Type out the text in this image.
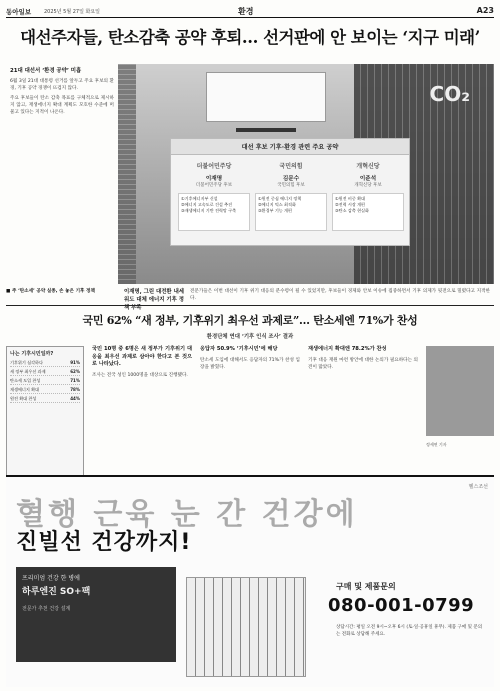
동아일보	2025년 5월 27일 화요일	환경	A23
대선주자들, 탄소감축 공약 후퇴… 선거판에 안 보이는 ‘지구 미래’
CO₂
21대 대선서 ‘환경 공약’ 미흡

6월 3일 21대 대통령 선거를 앞두고 주요 후보의 환경, 기후 공약 경쟁이 뜨겁지 않다.

주요 후보들이 탄소 감축 목표를 구체적으로 제시하지 않고, 재생에너지 확대 계획도 모호한 수준에 머물고 있다는 지적이 나온다.

대선 후보 기후·환경 관련 주요 공약
더불어민주당
이재명
더불어민주당 후보
①기후에너지부 신설
②에너지 고속도로 건설 추진
③재생에너지 기반 전력망 구축
국민의힘
김문수
국민의힘 후보
①원전 중심 에너지 정책
②에너지 믹스 최적화
③환경부 기능 개편
개혁신당
이준석
개혁신당 후보
①원전 비중 확대
②전력 시장 개편
③탄소 감축 현실화
■ 주 ‘탄소세’ 공약 실종, 손 놓은 기후 정책	이재명, 그린 대전환 내세워도 대체 에너지 기후 정책 부족
전문가들은 이번 대선이 기후 위기 대응의 분수령이 될 수 있었지만, 후보들이 경제와 안보 이슈에 집중하면서 기후 의제가 뒷전으로 밀렸다고 지적한다.
국민 62% “새 정부, 기후위기 최우선 과제로”… 탄소세엔 71%가 찬성
환경단체 연대 ‘기후 인식 조사’ 결과
나는 기후시민일까?
기후위기 심각하다	91%
새 정부 최우선 과제	62%
탄소세 도입 찬성	71%
재생에너지 확대	78%
원전 확대 찬성	44%
국민 10명 중 6명은 새 정부가 기후위기 대응을 최우선 과제로 삼아야 한다고 본 것으로 나타났다.
조사는 전국 성인 1000명을 대상으로 진행됐다.
응답자 50.9% ‘기후시민’에 해당
탄소세 도입에 대해서도 응답자의 71%가 찬성 입장을 밝혔다.
재생에너지 확대엔 78.2%가 찬성
기후 대응 재원 마련 방안에 대한 논의가 필요하다는 의견이 많았다.
정세연 기자
헬스조선
혈행 근육 눈 간 건강에
진빌선 건강까지!
프리미엄 건강 한 병에
하루엔진 SO+팩
전문가 추천 건강 설계
구매 및 제품문의
080-001-0799
상담시간: 평일 오전 9시~오후 6시 (토·일·공휴일 휴무). 제품 구매 및 문의는 전화로 상담해 주세요.
